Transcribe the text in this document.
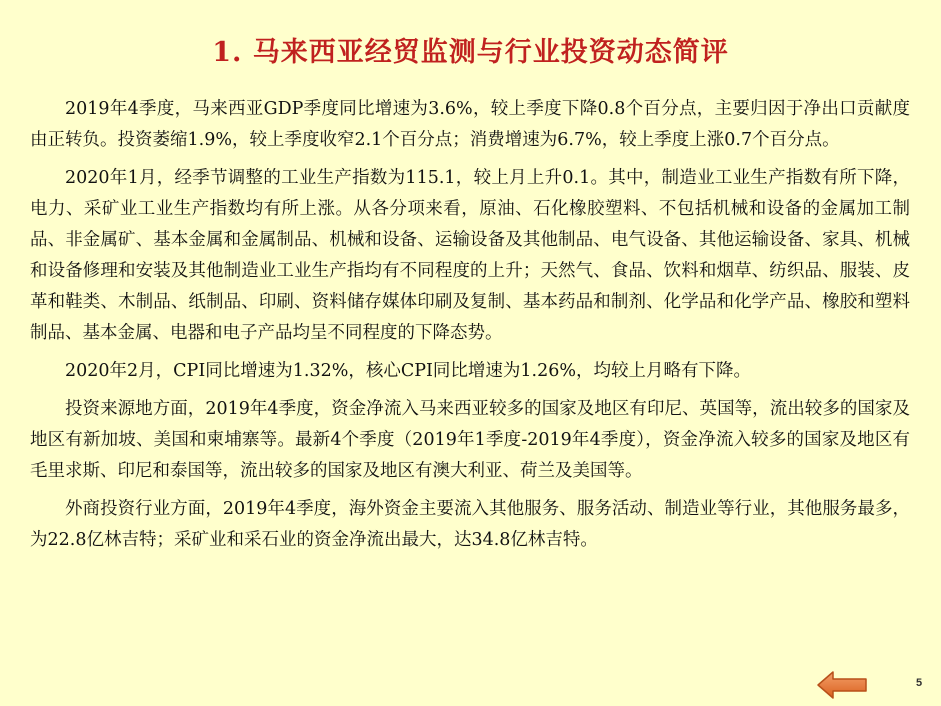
1. 马来西亚经贸监测与行业投资动态简评

2019年4季度，马来西亚GDP季度同比增速为3.6%，较上季度下降0.8个百分点，主要归因于净出口贡献度由正转负。投资萎缩1.9%，较上季度收窄2.1个百分点；消费增速为6.7%，较上季度上涨0.7个百分点。

2020年1月，经季节调整的工业生产指数为115.1，较上月上升0.1。其中，制造业工业生产指数有所下降，电力、采矿业工业生产指数均有所上涨。从各分项来看，原油、石化橡胶塑料、不包括机械和设备的金属加工制品、非金属矿、基本金属和金属制品、机械和设备、运输设备及其他制品、电气设备、其他运输设备、家具、机械和设备修理和安装及其他制造业工业生产指均有不同程度的上升；天然气、食品、饮料和烟草、纺织品、服装、皮革和鞋类、木制品、纸制品、印刷、资料储存媒体印刷及复制、基本药品和制剂、化学品和化学产品、橡胶和塑料制品、基本金属、电器和电子产品均呈不同程度的下降态势。

2020年2月，CPI同比增速为1.32%，核心CPI同比增速为1.26%，均较上月略有下降。

投资来源地方面，2019年4季度，资金净流入马来西亚较多的国家及地区有印尼、英国等，流出较多的国家及地区有新加坡、美国和柬埔寨等。最新4个季度（2019年1季度-2019年4季度），资金净流入较多的国家及地区有毛里求斯、印尼和泰国等，流出较多的国家及地区有澳大利亚、荷兰及美国等。

外商投资行业方面，2019年4季度，海外资金主要流入其他服务、服务活动、制造业等行业，其他服务最多，为22.8亿林吉特；采矿业和采石业的资金净流出最大，达34.8亿林吉特。

5
